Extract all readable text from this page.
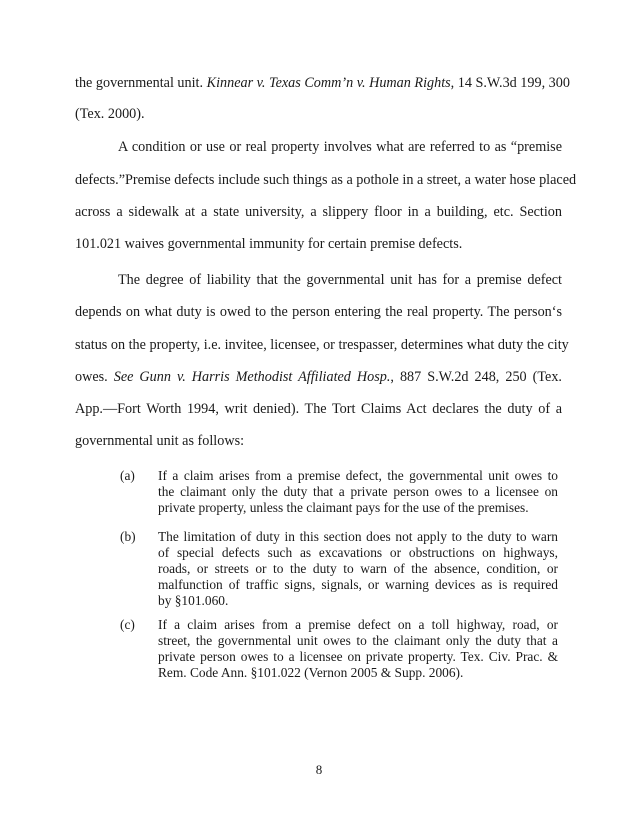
the governmental unit. Kinnear v. Texas Comm’n v. Human Rights, 14 S.W.3d 199, 300
(Tex. 2000).
A condition or use or real property involves what are referred to as “premise
defects.”Premise defects include such things as a pothole in a street, a water hose placed
across a sidewalk at a state university, a slippery floor in a building, etc. Section
101.021 waives governmental immunity for certain premise defects.
The degree of liability that the governmental unit has for a premise defect
depends on what duty is owed to the person entering the real property. The person‘s
status on the property, i.e. invitee, licensee, or trespasser, determines what duty the city
owes. See Gunn v. Harris Methodist Affiliated Hosp., 887 S.W.2d 248, 250 (Tex.
App.—Fort Worth 1994, writ denied). The Tort Claims Act declares the duty of a
governmental unit as follows:
(a) If a claim arises from a premise defect, the governmental unit owes to
the claimant only the duty that a private person owes to a licensee on
private property, unless the claimant pays for the use of the premises.
(b) The limitation of duty in this section does not apply to the duty to warn
of special defects such as excavations or obstructions on highways,
roads, or streets or to the duty to warn of the absence, condition, or
malfunction of traffic signs, signals, or warning devices as is required
by §101.060.
(c) If a claim arises from a premise defect on a toll highway, road, or
street, the governmental unit owes to the claimant only the duty that a
private person owes to a licensee on private property. Tex. Civ. Prac. &
Rem. Code Ann. §101.022 (Vernon 2005 & Supp. 2006).
8
